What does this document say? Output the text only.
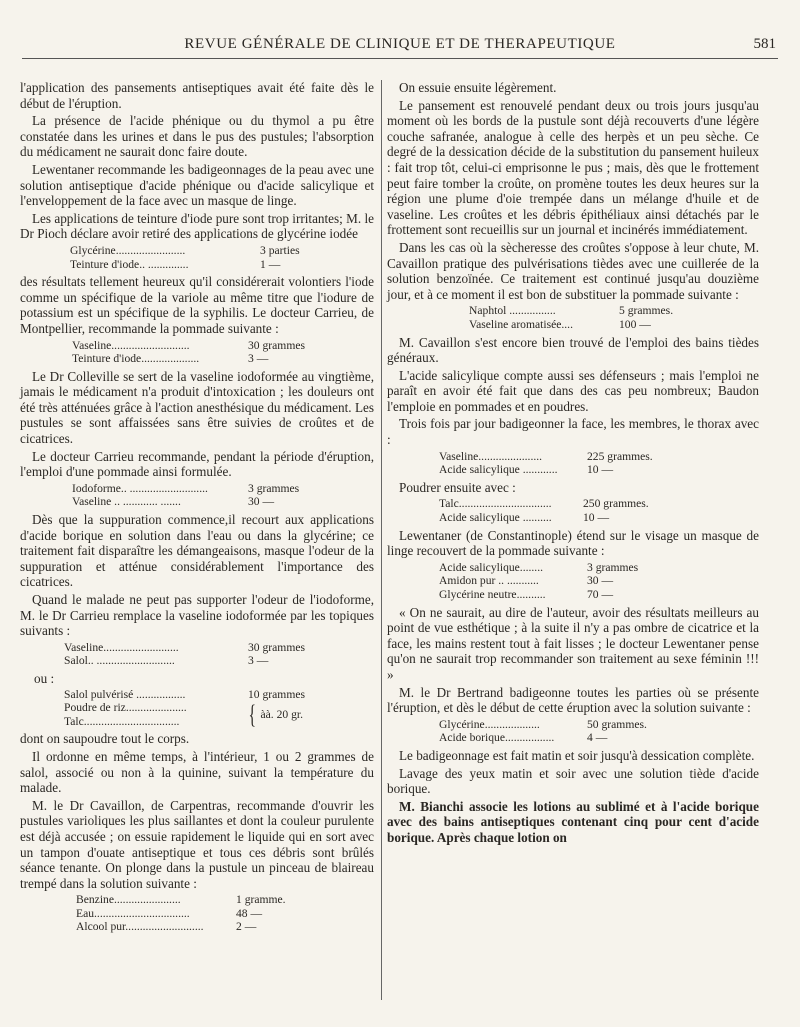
REVUE GÉNÉRALE DE CLINIQUE ET DE THERAPEUTIQUE	581

l'application des pansements antiseptiques avait été faite dès le début de l'éruption.

La présence de l'acide phénique ou du thymol a pu être constatée dans les urines et dans le pus des pustules; l'absorption du médicament ne saurait donc faire doute.

Lewentaner recommande les badigeonnages de la peau avec une solution antiseptique d'acide phénique ou d'acide salicylique et l'enveloppement de la face avec un masque de linge.

Les applications de teinture d'iode pure sont trop irritantes; M. le Dr Pioch déclare avoir retiré des applications de glycérine iodée

Glycérine........................	3 parties
Teinture d'iode.. ..............	1 —

des résultats tellement heureux qu'il considérerait volontiers l'iode comme un spécifique de la variole au même titre que l'iodure de potassium est un spécifique de la syphilis. Le docteur Carrieu, de Montpellier, recommande la pommade suivante :

Vaseline...........................	30 grammes
Teinture d'iode....................	3 —

Le Dr Colleville se sert de la vaseline iodoformée au vingtième, jamais le médicament n'a produit d'intoxication ; les douleurs ont été très atténuées grâce à l'action anesthésique du médicament. Les pustules se sont affaissées sans être suivies de croûtes et de cicatrices.

Le docteur Carrieu recommande, pendant la période d'éruption, l'emploi d'une pommade ainsi formulée.

Iodoforme.. ...........................	3 grammes
Vaseline .. ............ .......	30 —

Dès que la suppuration commence,il recourt aux applications d'acide borique en solution dans l'eau ou dans la glycérine; ce traitement fait disparaître les démangeaisons, masque l'odeur de la suppuration et atténue considérablement l'importance des cicatrices.

Quand le malade ne peut pas supporter l'odeur de l'iodoforme, M. le Dr Carrieu remplace la vaseline iodoformée par les topiques suivants :

Vaseline..........................	30 grammes
Salol.. ...........................	3 —
ou :
Salol pulvérisé .................	10 grammes
Poudre de riz.....................
Talc.................................	{ àà. 20 gr.

dont on saupoudre tout le corps.

Il ordonne en même temps, à l'intérieur, 1 ou 2 grammes de salol, associé ou non à la quinine, suivant la température du malade.

M. le Dr Cavaillon, de Carpentras, recommande d'ouvrir les pustules varioliques les plus saillantes et dont la couleur purulente est déjà accusée ; on essuie rapidement le liquide qui en sort avec un tampon d'ouate antiseptique et tous ces débris sont brûlés séance tenante. On plonge dans la pustule un pinceau de blaireau trempé dans la solution suivante :

Benzine.......................	1 gramme.
Eau.................................	48 —
Alcool pur...........................	2 —

On essuie ensuite légèrement.

Le pansement est renouvelé pendant deux ou trois jours jusqu'au moment où les bords de la pustule sont déjà recouverts d'une légère couche safranée, analogue à celle des herpès et un peu sèche. Ce degré de la dessication décide de la substitution du pansement huileux : fait trop tôt, celui-ci emprisonne le pus ; mais, dès que le frottement peut faire tomber la croûte, on promène toutes les deux heures sur la région une plume d'oie trempée dans un mélange d'huile et de vaseline. Les croûtes et les débris épithéliaux ainsi détachés par le frottement sont recueillis sur un journal et incinérés immédiatement.

Dans les cas où la sècheresse des croûtes s'oppose à leur chute, M. Cavaillon pratique des pulvérisations tièdes avec une cuillerée de la solution benzoïnée. Ce traitement est continué jusqu'au douzième jour, et à ce moment il est bon de substituer la pommade suivante :

Naphtol ................	5 grammes.
Vaseline aromatisée....	100 —

M. Cavaillon s'est encore bien trouvé de l'emploi des bains tièdes généraux.

L'acide salicylique compte aussi ses défenseurs ; mais l'emploi ne paraît en avoir été fait que dans des cas peu nombreux; Baudon l'emploie en pommades et en poudres.

Trois fois par jour badigeonner la face, les membres, le thorax avec :

Vaseline......................	225 grammes.
Acide salicylique ............	10 —

Poudrer ensuite avec :

Talc................................	250 grammes.
Acide salicylique ..........	10 —

Lewentaner (de Constantinople) étend sur le visage un masque de linge recouvert de la pommade suivante :

Acide salicylique........	3 grammes
Amidon pur .. ...........	30 —
Glycérine neutre..........	70 —

« On ne saurait, au dire de l'auteur, avoir des résultats meilleurs au point de vue esthétique ; à la suite il n'y a pas ombre de cicatrice et la face, les mains restent tout à fait lisses ; le docteur Lewentaner pense qu'on ne saurait trop recommander son traitement au sexe féminin !!! »

M. le Dr Bertrand badigeonne toutes les parties où se présente l'éruption, et dès le début de cette éruption avec la solution suivante :

Glycérine...................	50 grammes.
Acide borique.................	4 —

Le badigeonnage est fait matin et soir jusqu'à dessication complète.

Lavage des yeux matin et soir avec une solution tiède d'acide borique.

M. Bianchi associe les lotions au sublimé et à l'acide borique avec des bains antiseptiques contenant cinq pour cent d'acide borique. Après chaque lotion on
